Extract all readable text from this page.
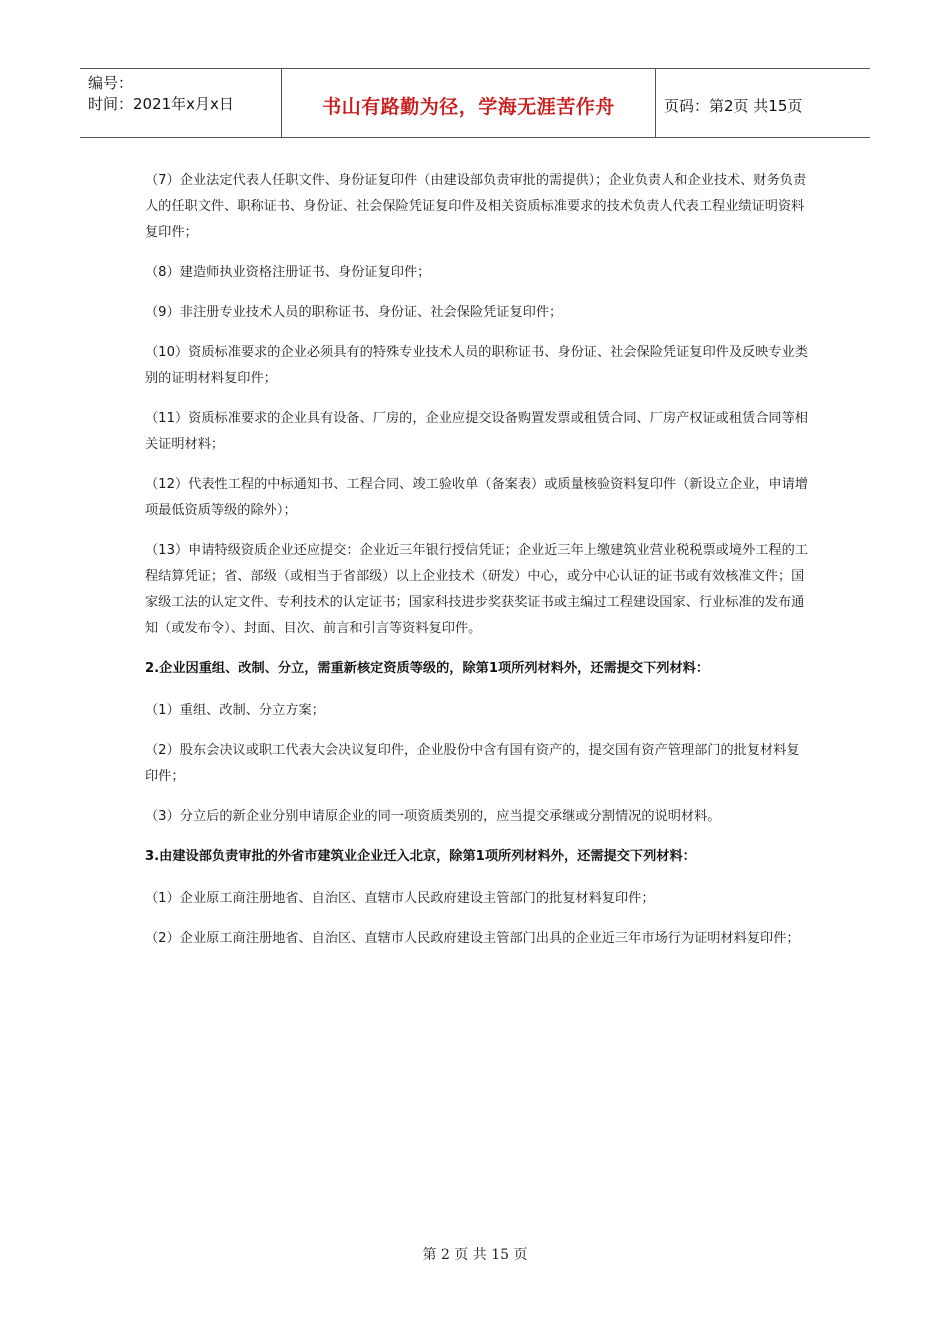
编号：
时间：2021年x月x日	书山有路勤为径，学海无涯苦作舟	页码：第2页 共15页

（7）企业法定代表人任职文件、身份证复印件（由建设部负责审批的需提供）；企业负责人和企业技术、财务负责人的任职文件、职称证书、身份证、社会保险凭证复印件及相关资质标准要求的技术负责人代表工程业绩证明资料复印件；

（8）建造师执业资格注册证书、身份证复印件；

（9）非注册专业技术人员的职称证书、身份证、社会保险凭证复印件；

（10）资质标准要求的企业必须具有的特殊专业技术人员的职称证书、身份证、社会保险凭证复印件及反映专业类别的证明材料复印件；

（11）资质标准要求的企业具有设备、厂房的，企业应提交设备购置发票或租赁合同、厂房产权证或租赁合同等相关证明材料；

（12）代表性工程的中标通知书、工程合同、竣工验收单（备案表）或质量核验资料复印件（新设立企业，申请增项最低资质等级的除外）；

（13）申请特级资质企业还应提交：企业近三年银行授信凭证；企业近三年上缴建筑业营业税税票或境外工程的工程结算凭证；省、部级（或相当于省部级）以上企业技术（研发）中心，或分中心认证的证书或有效核准文件；国家级工法的认定文件、专利技术的认定证书；国家科技进步奖获奖证书或主编过工程建设国家、行业标准的发布通知（或发布令）、封面、目次、前言和引言等资料复印件。

2.企业因重组、改制、分立，需重新核定资质等级的，除第1项所列材料外，还需提交下列材料：

（1）重组、改制、分立方案；

（2）股东会决议或职工代表大会决议复印件，企业股份中含有国有资产的，提交国有资产管理部门的批复材料复印件；

（3）分立后的新企业分别申请原企业的同一项资质类别的，应当提交承继或分割情况的说明材料。

3.由建设部负责审批的外省市建筑业企业迁入北京，除第1项所列材料外，还需提交下列材料：

（1）企业原工商注册地省、自治区、直辖市人民政府建设主管部门的批复材料复印件；

（2）企业原工商注册地省、自治区、直辖市人民政府建设主管部门出具的企业近三年市场行为证明材料复印件；

第 2 页 共 15 页
